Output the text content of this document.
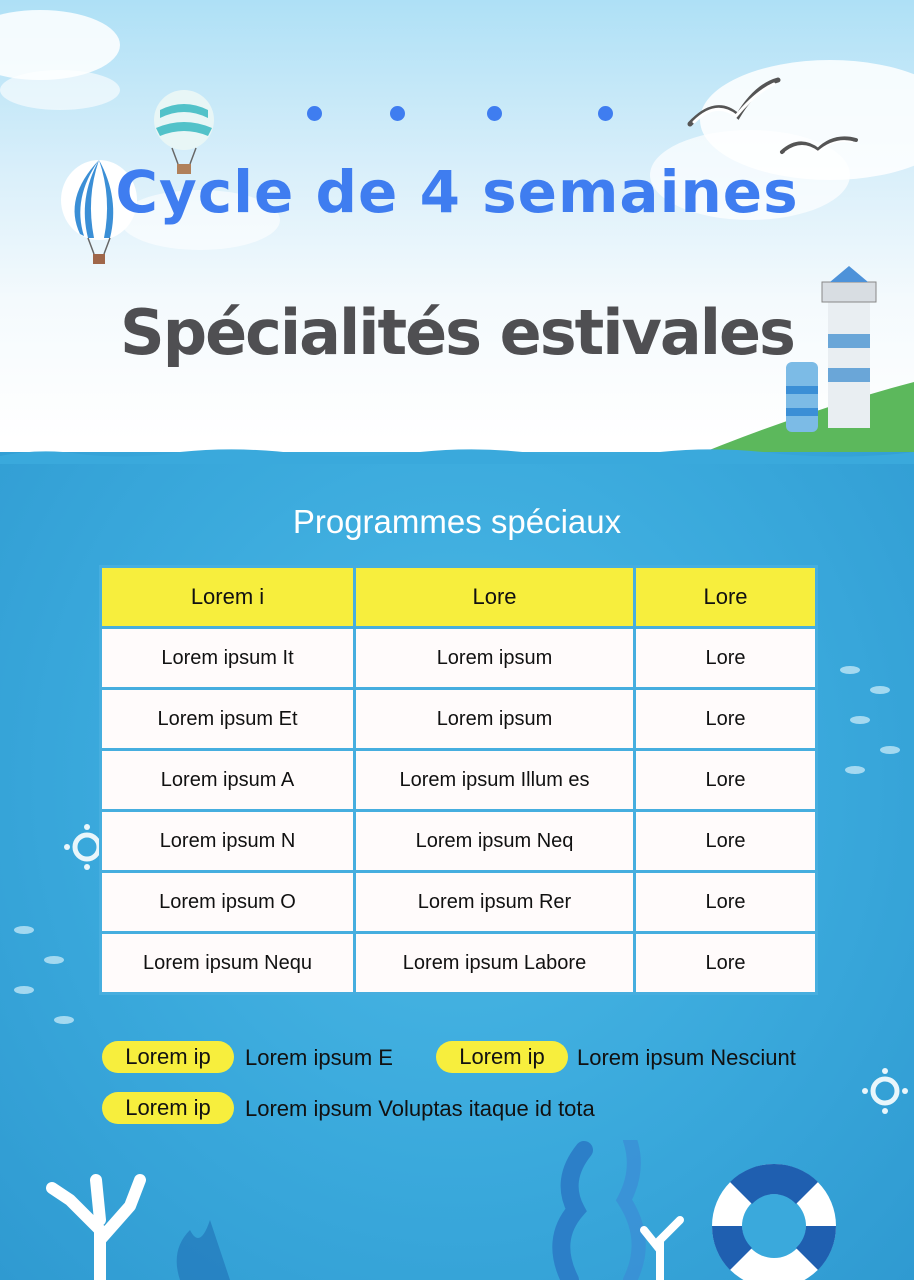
Cycle de 4 semaines
Spécialités estivales
Programmes spéciaux
Lorem i	Lore	Lore
Lorem ipsum It	Lorem ipsum	Lore
Lorem ipsum Et	Lorem ipsum	Lore
Lorem ipsum A	Lorem ipsum Illum es	Lore
Lorem ipsum N	Lorem ipsum Neq	Lore
Lorem ipsum O	Lorem ipsum Rer	Lore
Lorem ipsum Nequ	Lorem ipsum Labore	Lore
Lorem ip	Lorem ipsum E	Lorem ip	Lorem ipsum Nesciunt
Lorem ip	Lorem ipsum Voluptas itaque id tota
